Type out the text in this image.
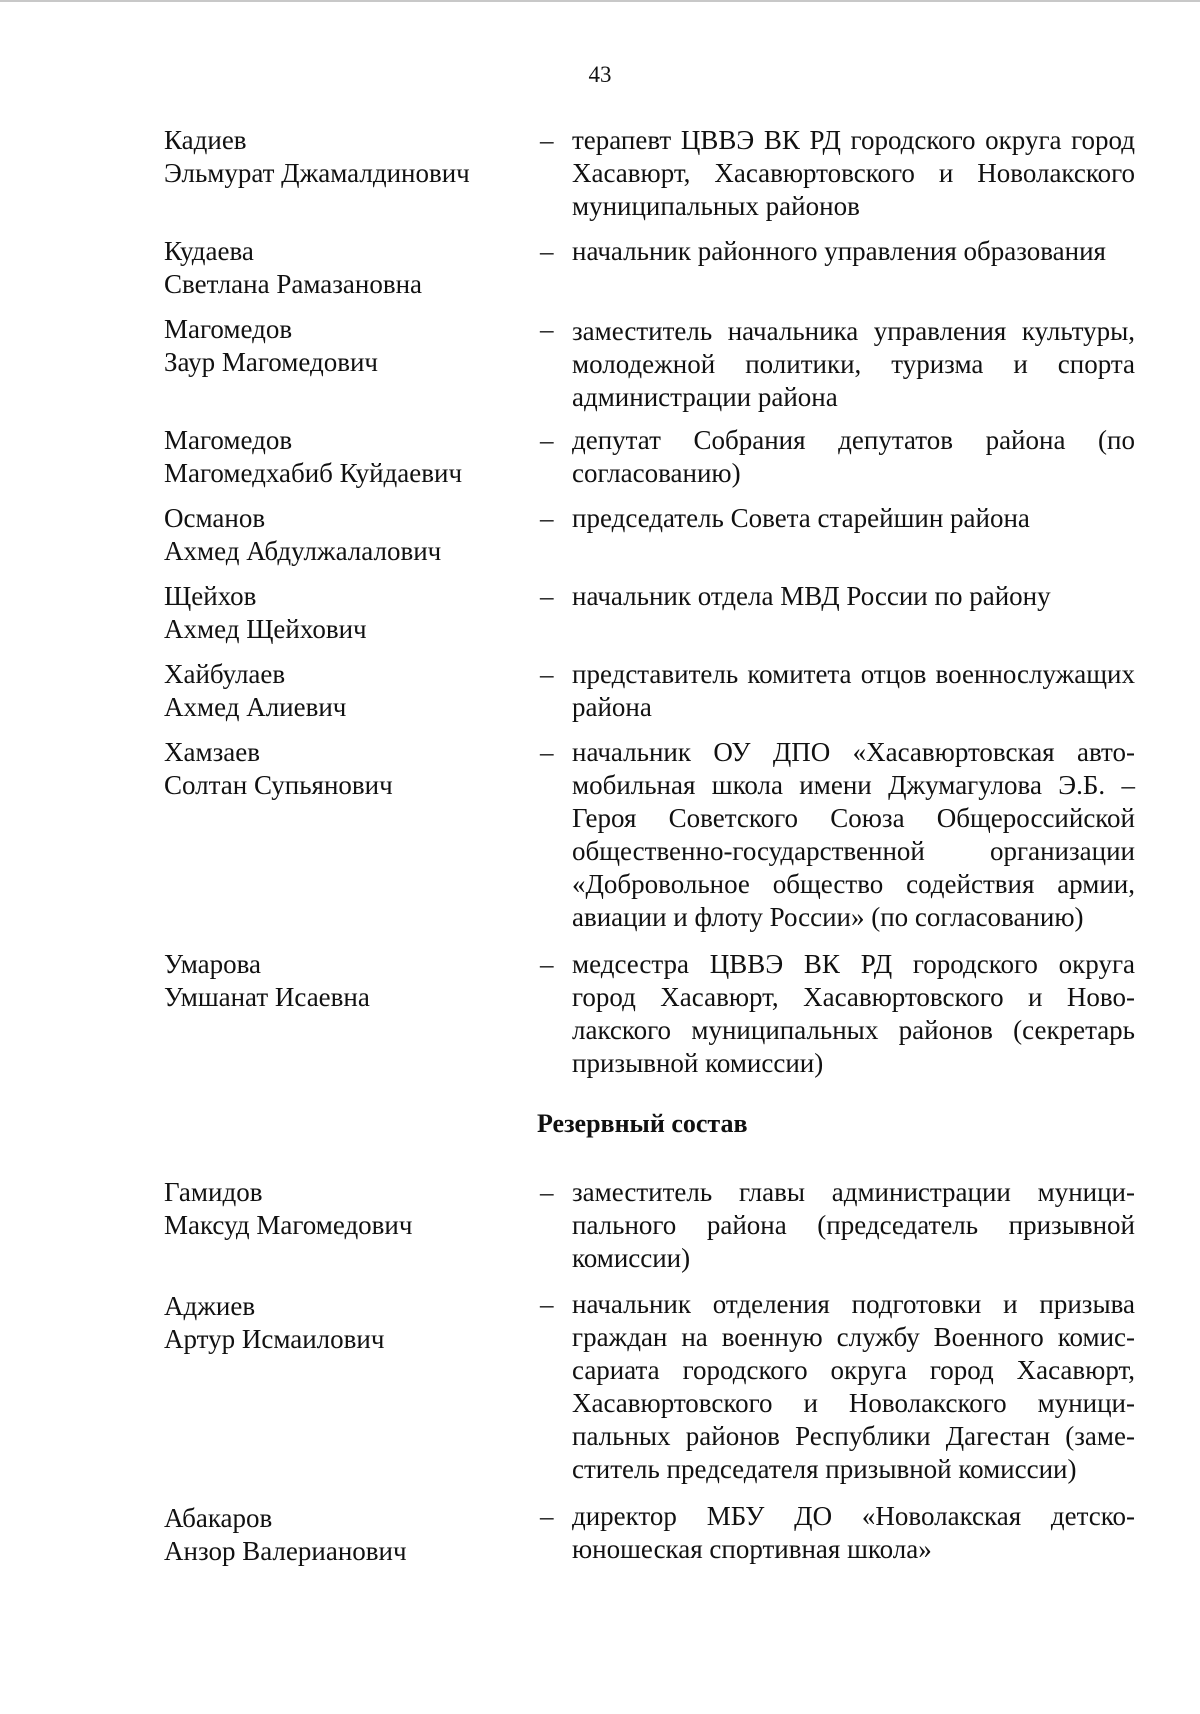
43
Кадиев
Эльмурат Джамалдинович
– терапевт ЦВВЭ ВК РД городского округа город Хасавюрт, Хасавюртовского и Новолакского муниципальных районов
Кудаева
Светлана Рамазановна
– начальник районного управления образования
Магомедов
Заур Магомедович
– заместитель начальника управления культуры, молодежной политики, туризма и спорта администрации района
Магомедов
Магомедхабиб Куйдаевич
– депутат Собрания депутатов района (по согласованию)
Османов
Ахмед Абдулжалалович
– председатель Совета старейшин района
Щейхов
Ахмед Щейхович
– начальник отдела МВД России по району
Хайбулаев
Ахмед Алиевич
– представитель комитета отцов военнослужащих района
Хамзаев
Солтан Супьянович
– начальник ОУ ДПО «Хасавюртовская автомобильная школа имени Джумагулова Э.Б. – Героя Советского Союза Общероссийской общественно-государственной организации «Добровольное общество содействия армии, авиации и флоту России» (по согласованию)
Умарова
Умшанат Исаевна
– медсестра ЦВВЭ ВК РД городского округа город Хасавюрт, Хасавюртовского и Новолакского муниципальных районов (секретарь призывной комиссии)
Резервный состав
Гамидов
Максуд Магомедович
– заместитель главы администрации муниципального района (председатель призывной комиссии)
Аджиев
Артур Исмаилович
– начальник отделения подготовки и призыва граждан на военную службу Военного комиссариата городского округа город Хасавюрт, Хасавюртовского и Новолакского муниципальных районов Республики Дагестан (заместитель председателя призывной комиссии)
Абакаров
Анзор Валерианович
– директор МБУ ДО «Новолакская детско-юношеская спортивная школа»
